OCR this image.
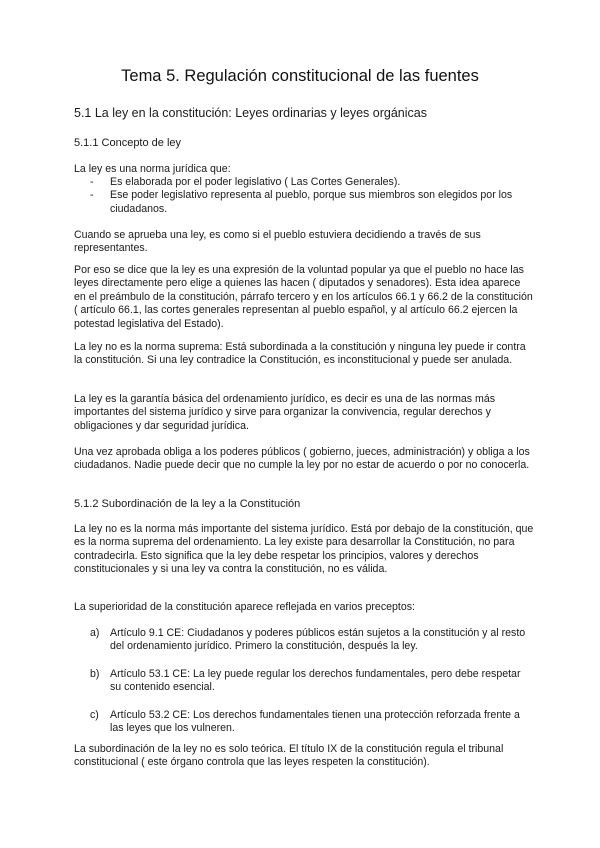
Tema 5. Regulación constitucional de las fuentes
5.1 La ley en la constitución: Leyes ordinarias y leyes orgánicas
5.1.1 Concepto de ley

La ley es una norma jurídica que:

- Es elaborada por el poder legislativo ( Las Cortes Generales).
- Ese poder legislativo representa al pueblo, porque sus miembros son elegidos por los ciudadanos.

Cuando se aprueba una ley, es como si el pueblo estuviera decidiendo a través de sus representantes.

Por eso se dice que la ley es una expresión de la voluntad popular ya que el pueblo no hace las leyes directamente pero elige a quienes las hacen ( diputados y senadores). Esta idea aparece en el preámbulo de la constitución, párrafo tercero y en los artículos 66.1 y 66.2 de la constitución ( artículo 66.1, las cortes generales representan al pueblo español, y al artículo 66.2 ejercen la potestad legislativa del Estado).

La ley no es la norma suprema: Está subordinada a la constitución y ninguna ley puede ir contra la constitución. Si una ley contradice la Constitución, es inconstitucional y puede ser anulada.

La ley es la garantía básica del ordenamiento jurídico, es decir es una de las normas más importantes del sistema jurídico y sirve para organizar la convivencia, regular derechos y obligaciones y dar seguridad jurídica.

Una vez aprobada obliga a los poderes públicos ( gobierno, jueces, administración) y obliga a los ciudadanos. Nadie puede decir que no cumple la ley por no estar de acuerdo o por no conocerla.

5.1.2 Subordinación de la ley a la Constitución

La ley no es la norma más importante del sistema jurídico. Está por debajo de la constitución, que es la norma suprema del ordenamiento. La ley existe para desarrollar la Constitución, no para contradecirla. Esto significa que la ley debe respetar los principios, valores y derechos constitucionales y si una ley va contra la constitución, no es válida.

La superioridad de la constitución aparece reflejada en varios preceptos:

a) Artículo 9.1 CE: Ciudadanos y poderes públicos están sujetos a la constitución y al resto del ordenamiento jurídico. Primero la constitución, después la ley.
b) Artículo 53.1 CE: La ley puede regular los derechos fundamentales, pero debe respetar su contenido esencial.
c) Artículo 53.2 CE: Los derechos fundamentales tienen una protección reforzada frente a las leyes que los vulneren.

La subordinación de la ley no es solo teórica. El título IX de la constitución regula el tribunal constitucional ( este órgano controla que las leyes respeten la constitución).
